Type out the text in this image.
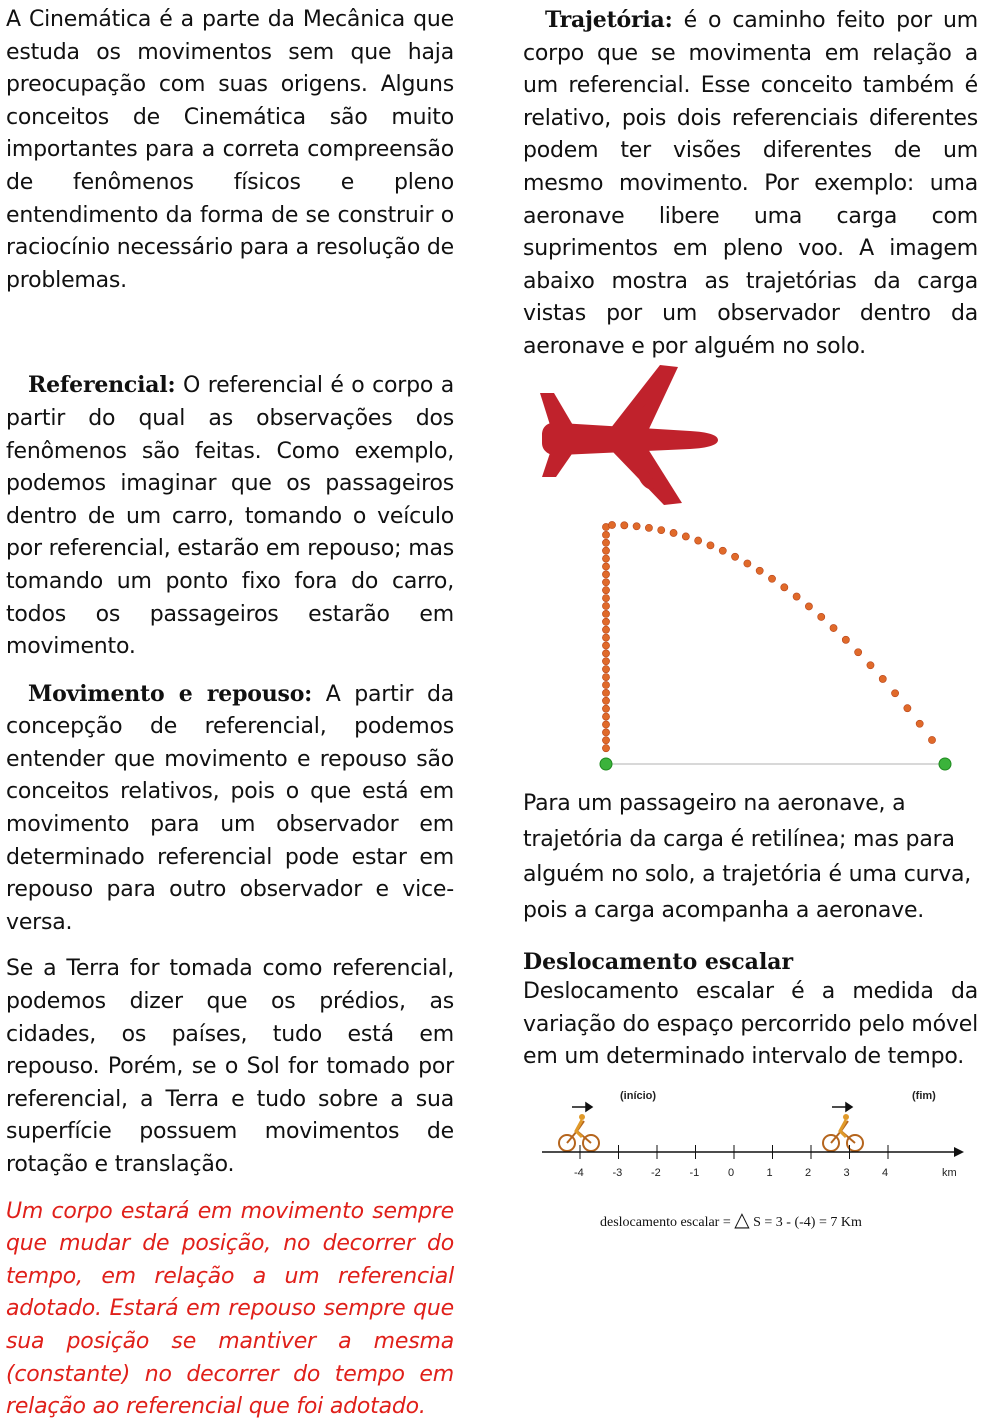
A Cinemática é a parte da Mecânica que estuda os movimentos sem que haja preocupação com suas origens. Alguns conceitos de Cinemática são muito importantes para a correta compreensão de fenômenos físicos e pleno entendimento da forma de se construir o raciocínio necessário para a resolução de problemas.

Referencial: O referencial é o corpo a partir do qual as observações dos fenômenos são feitas. Como exemplo, podemos imaginar que os passageiros dentro de um carro, tomando o veículo por referencial, estarão em repouso; mas tomando um ponto fixo fora do carro, todos os passageiros estarão em movimento.

Movimento e repouso: A partir da concepção de referencial, podemos entender que movimento e repouso são conceitos relativos, pois o que está em movimento para um observador em determinado referencial pode estar em repouso para outro observador e vice-versa.

Se a Terra for tomada como referencial, podemos dizer que os prédios, as cidades, os países, tudo está em repouso. Porém, se o Sol for tomado por referencial, a Terra e tudo sobre a sua superfície possuem movimentos de rotação e translação.

Um corpo estará em movimento sempre que mudar de posição, no decorrer do tempo, em relação a um referencial adotado. Estará em repouso sempre que sua posição se mantiver a mesma (constante) no decorrer do tempo em relação ao referencial que foi adotado.

Trajetória: é o caminho feito por um corpo que se movimenta em relação a um referencial. Esse conceito também é relativo, pois dois referenciais diferentes podem ter visões diferentes de um mesmo movimento. Por exemplo: uma aeronave libere uma carga com suprimentos em pleno voo. A imagem abaixo mostra as trajetórias da carga vistas por um observador dentro da aeronave e por alguém no solo.

Para um passageiro na aeronave, a trajetória da carga é retilínea; mas para alguém no solo, a trajetória é uma curva, pois a carga acompanha a aeronave.

Deslocamento escalar

Deslocamento escalar é a medida da variação do espaço percorrido pelo móvel em um determinado intervalo de tempo.

(início)	(fim)
-4	-3	-2	-1	0	1	2	3	4	km
deslocamento escalar = △ S = 3 - (-4) = 7 Km
